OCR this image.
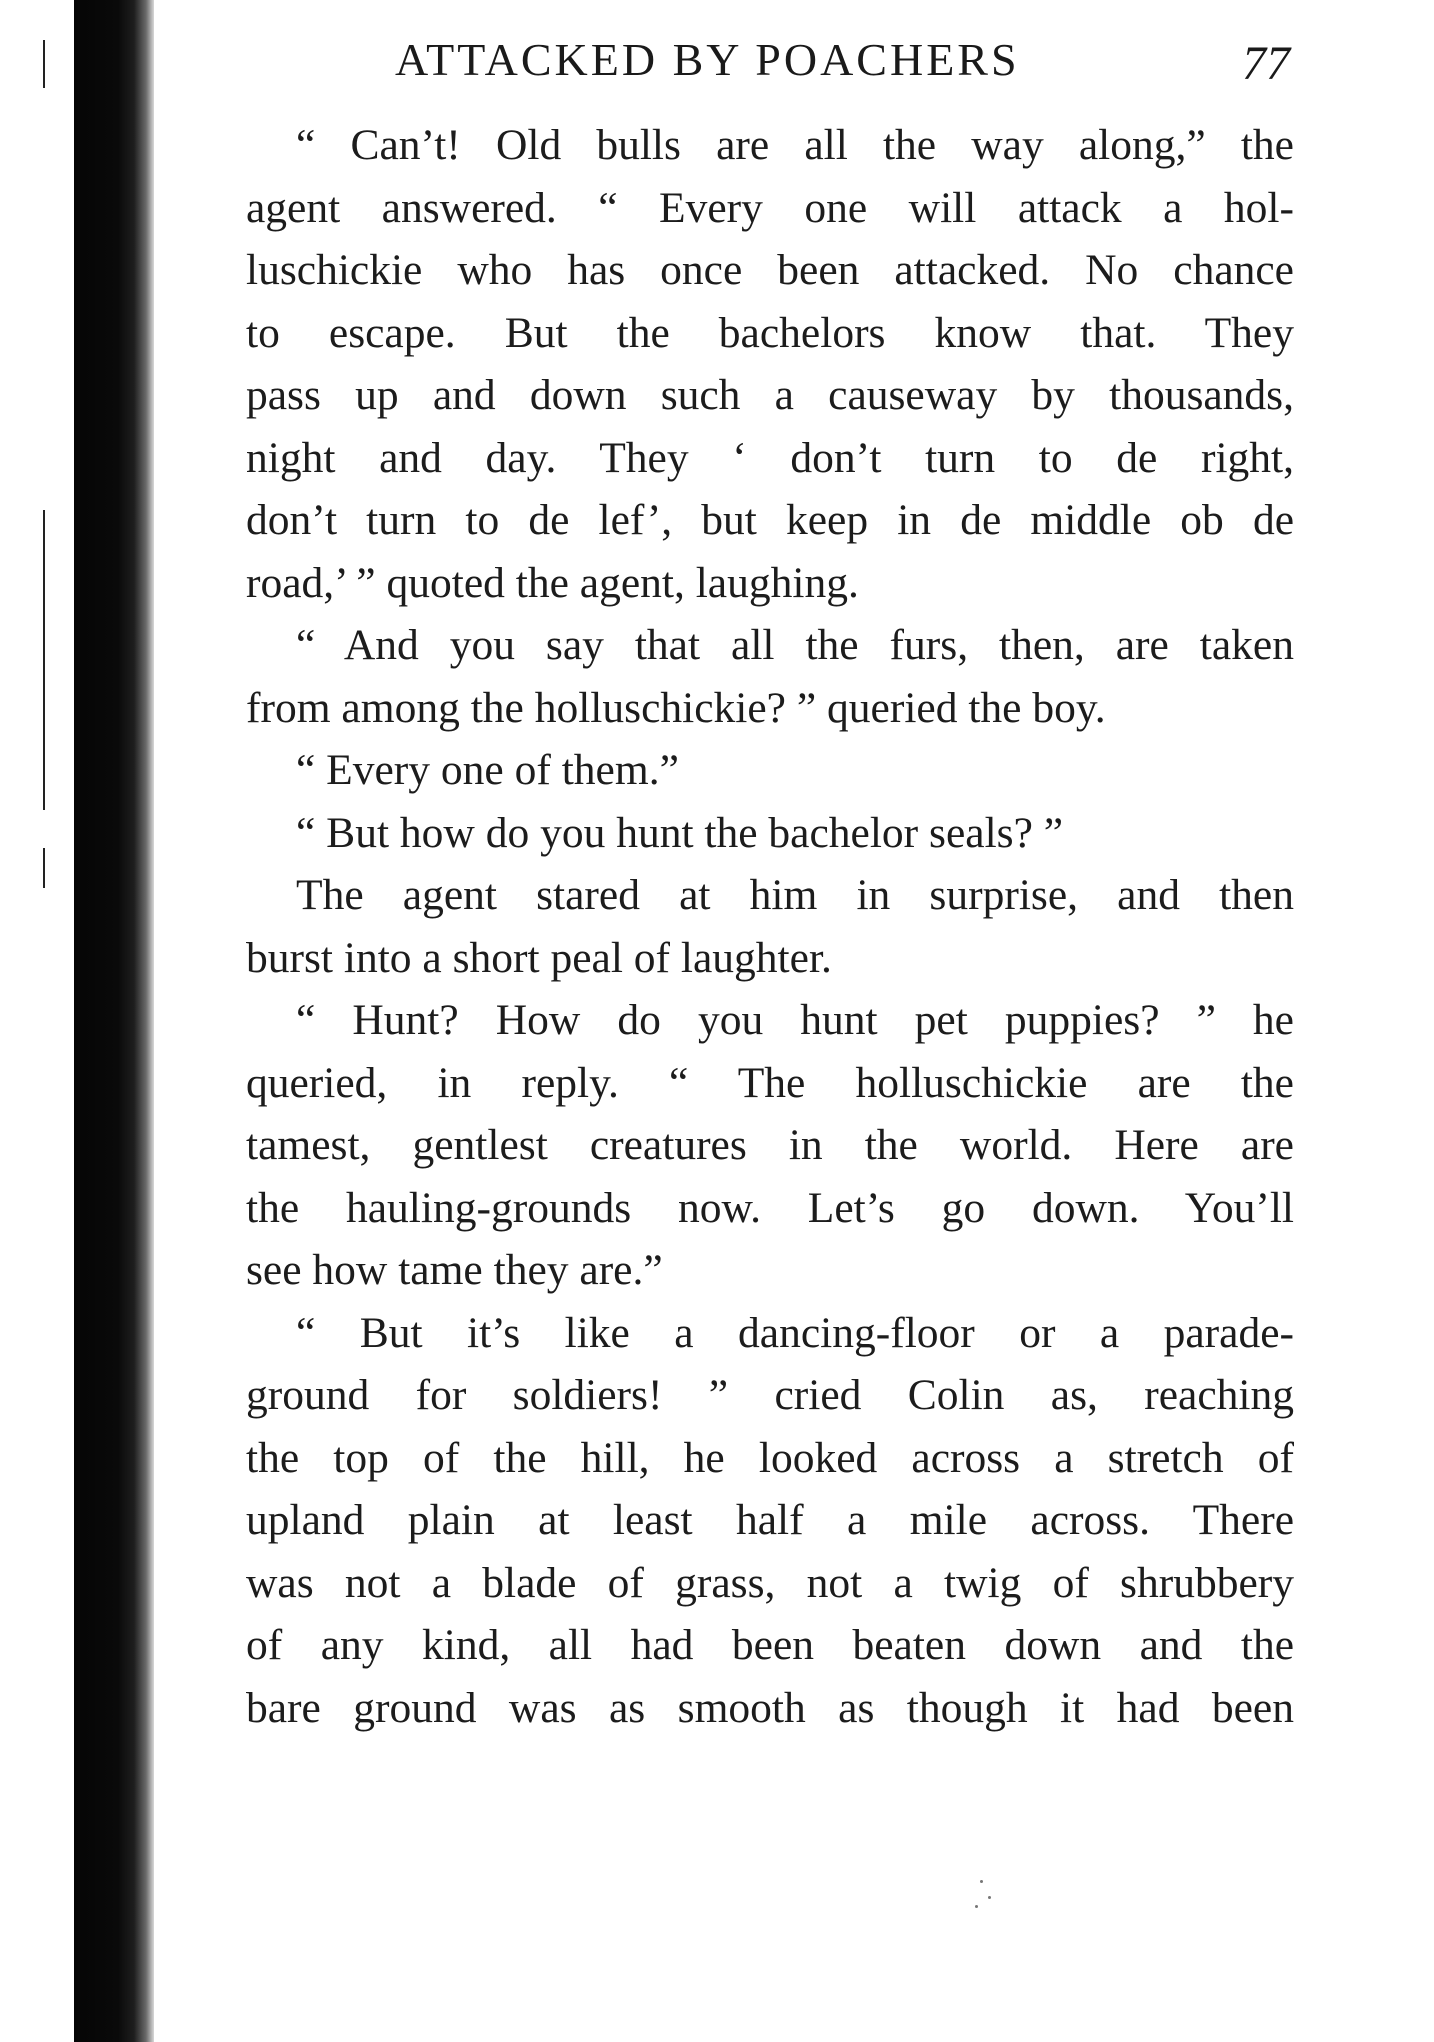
ATTACKED BY POACHERS	77
“ Can’t! Old bulls are all the way along,” the
agent answered. “ Every one will attack a hol-
luschickie who has once been attacked. No chance
to escape. But the bachelors know that. They
pass up and down such a causeway by thousands,
night and day. They ‘ don’t turn to de right,
don’t turn to de lef’, but keep in de middle ob de
road,’ ” quoted the agent, laughing.
“ And you say that all the furs, then, are taken
from among the holluschickie? ” queried the boy.
“ Every one of them.”
“ But how do you hunt the bachelor seals? ”
The agent stared at him in surprise, and then
burst into a short peal of laughter.
“ Hunt? How do you hunt pet puppies? ” he
queried, in reply. “ The holluschickie are the
tamest, gentlest creatures in the world. Here are
the hauling-grounds now. Let’s go down. You’ll
see how tame they are.”
“ But it’s like a dancing-floor or a parade-
ground for soldiers! ” cried Colin as, reaching
the top of the hill, he looked across a stretch of
upland plain at least half a mile across. There
was not a blade of grass, not a twig of shrubbery
of any kind, all had been beaten down and the
bare ground was as smooth as though it had been
